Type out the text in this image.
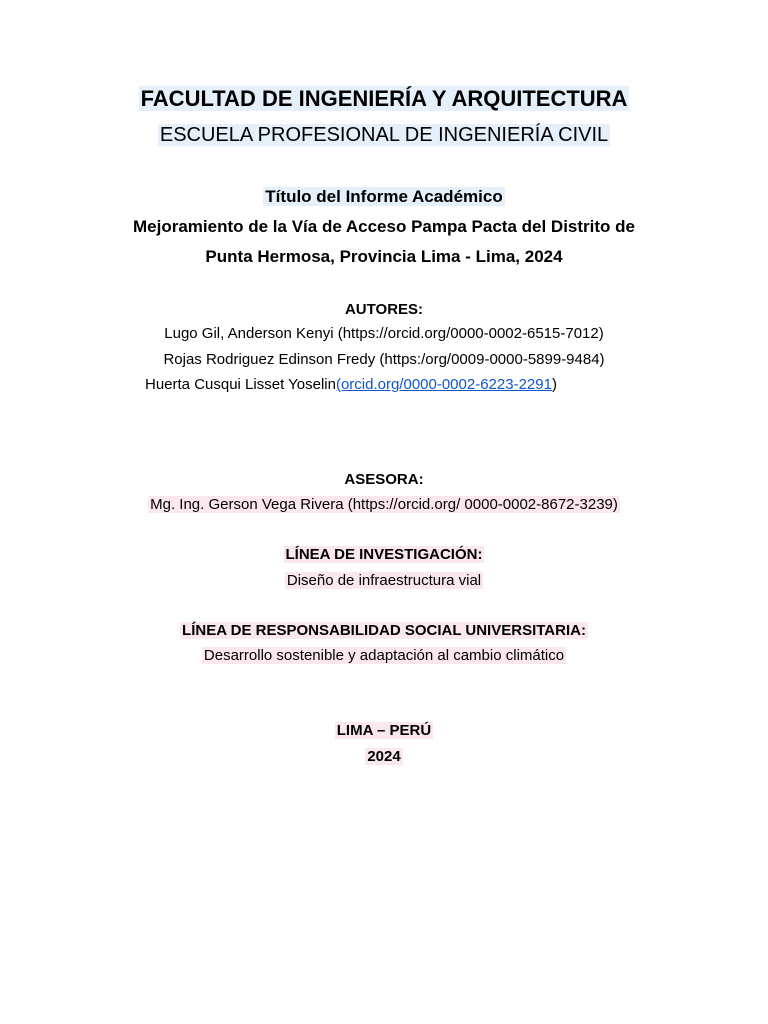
FACULTAD DE INGENIERÍA Y ARQUITECTURA
ESCUELA PROFESIONAL DE INGENIERÍA CIVIL
Título del Informe Académico
Mejoramiento de la Vía de Acceso Pampa Pacta del Distrito de
Punta Hermosa, Provincia Lima - Lima, 2024
AUTORES:
Lugo Gil, Anderson Kenyi (https://orcid.org/0000-0002-6515-7012)
Rojas Rodriguez Edinson Fredy (https:/org/0009-0000-5899-9484)
Huerta Cusqui Lisset Yoselin(orcid.org/0000-0002-6223-2291)
ASESORA:
Mg. Ing. Gerson Vega Rivera (https://orcid.org/ 0000-0002-8672-3239)
LÍNEA DE INVESTIGACIÓN:
Diseño de infraestructura vial
LÍNEA DE RESPONSABILIDAD SOCIAL UNIVERSITARIA:
Desarrollo sostenible y adaptación al cambio climático
LIMA – PERÚ
2024
